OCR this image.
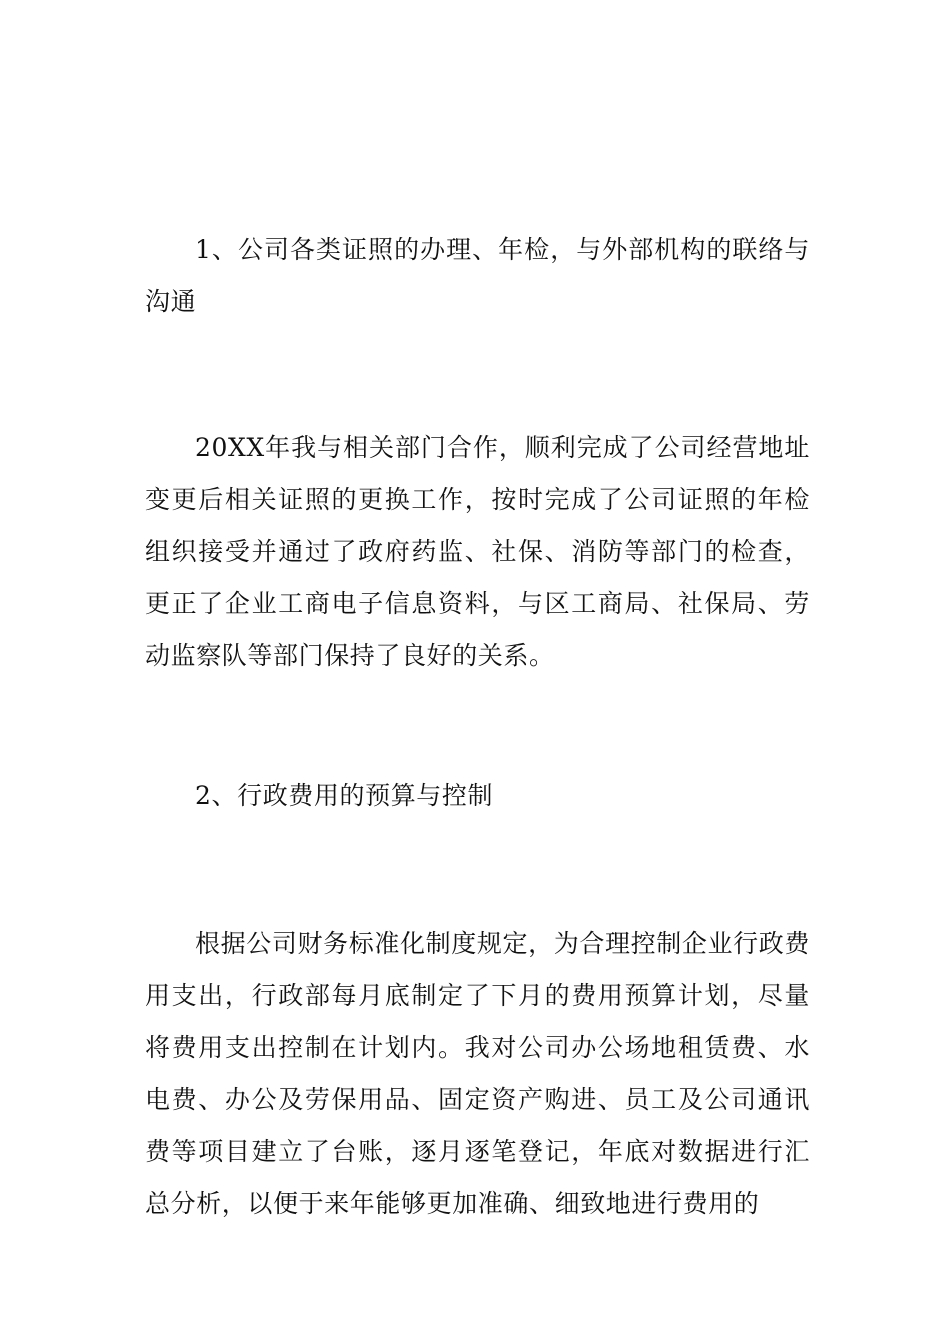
1、公司各类证照的办理、年检，与外部机构的联络与沟通

20XX年我与相关部门合作，顺利完成了公司经营地址变更后相关证照的更换工作，按时完成了公司证照的年检组织接受并通过了政府药监、社保、消防等部门的检查，更正了企业工商电子信息资料，与区工商局、社保局、劳动监察队等部门保持了良好的关系。

2、行政费用的预算与控制

根据公司财务标准化制度规定，为合理控制企业行政费用支出，行政部每月底制定了下月的费用预算计划，尽量将费用支出控制在计划内。我对公司办公场地租赁费、水电费、办公及劳保用品、固定资产购进、员工及公司通讯费等项目建立了台账，逐月逐笔登记，年底对数据进行汇总分析，以便于来年能够更加准确、细致地进行费用的
